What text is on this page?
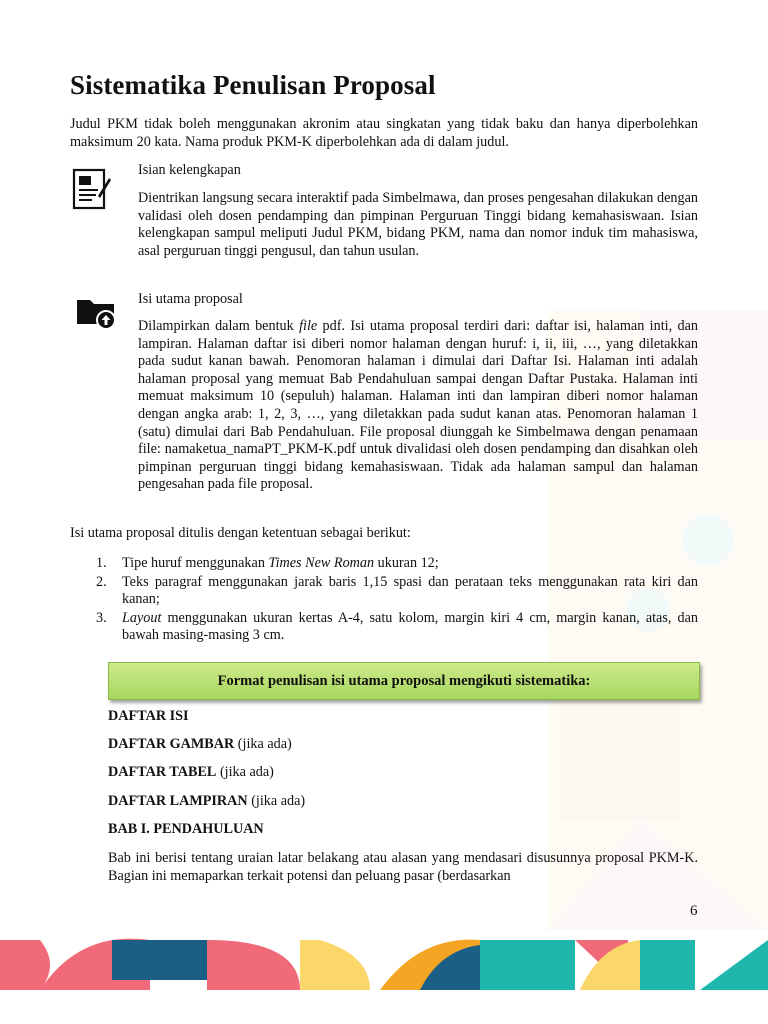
Sistematika Penulisan Proposal

Judul PKM tidak boleh menggunakan akronim atau singkatan yang tidak baku dan hanya diperbolehkan maksimum 20 kata. Nama produk PKM-K diperbolehkan ada di dalam judul.

Isian kelengkapan

Dientrikan langsung secara interaktif pada Simbelmawa, dan proses pengesahan dilakukan dengan validasi oleh dosen pendamping dan pimpinan Perguruan Tinggi bidang kemahasiswaan. Isian kelengkapan sampul meliputi Judul PKM, bidang PKM, nama dan nomor induk tim mahasiswa, asal perguruan tinggi pengusul, dan tahun usulan.

Isi utama proposal

Dilampirkan dalam bentuk file pdf. Isi utama proposal terdiri dari: daftar isi, halaman inti, dan lampiran. Halaman daftar isi diberi nomor halaman dengan huruf: i, ii, iii, …, yang diletakkan pada sudut kanan bawah. Penomoran halaman i dimulai dari Daftar Isi. Halaman inti adalah halaman proposal yang memuat Bab Pendahuluan sampai dengan Daftar Pustaka. Halaman inti memuat maksimum 10 (sepuluh) halaman. Halaman inti dan lampiran diberi nomor halaman dengan angka arab: 1, 2, 3, …, yang diletakkan pada sudut kanan atas. Penomoran halaman 1 (satu) dimulai dari Bab Pendahuluan. File proposal diunggah ke Simbelmawa dengan penamaan file: namaketua_namaPT_PKM-K.pdf untuk divalidasi oleh dosen pendamping dan disahkan oleh pimpinan perguruan tinggi bidang kemahasiswaan. Tidak ada halaman sampul dan halaman pengesahan pada file proposal.

Isi utama proposal ditulis dengan ketentuan sebagai berikut:

1. Tipe huruf menggunakan Times New Roman ukuran 12;
2. Teks paragraf menggunakan jarak baris 1,15 spasi dan perataan teks menggunakan rata kiri dan kanan;
3. Layout menggunakan ukuran kertas A-4, satu kolom, margin kiri 4 cm, margin kanan, atas, dan bawah masing-masing 3 cm.
Format penulisan isi utama proposal mengikuti sistematika:
DAFTAR ISI
DAFTAR GAMBAR (jika ada)
DAFTAR TABEL (jika ada)
DAFTAR LAMPIRAN (jika ada)
BAB I. PENDAHULUAN

Bab ini berisi tentang uraian latar belakang atau alasan yang mendasari disusunnya proposal PKM-K. Bagian ini memaparkan terkait potensi dan peluang pasar (berdasarkan

6
